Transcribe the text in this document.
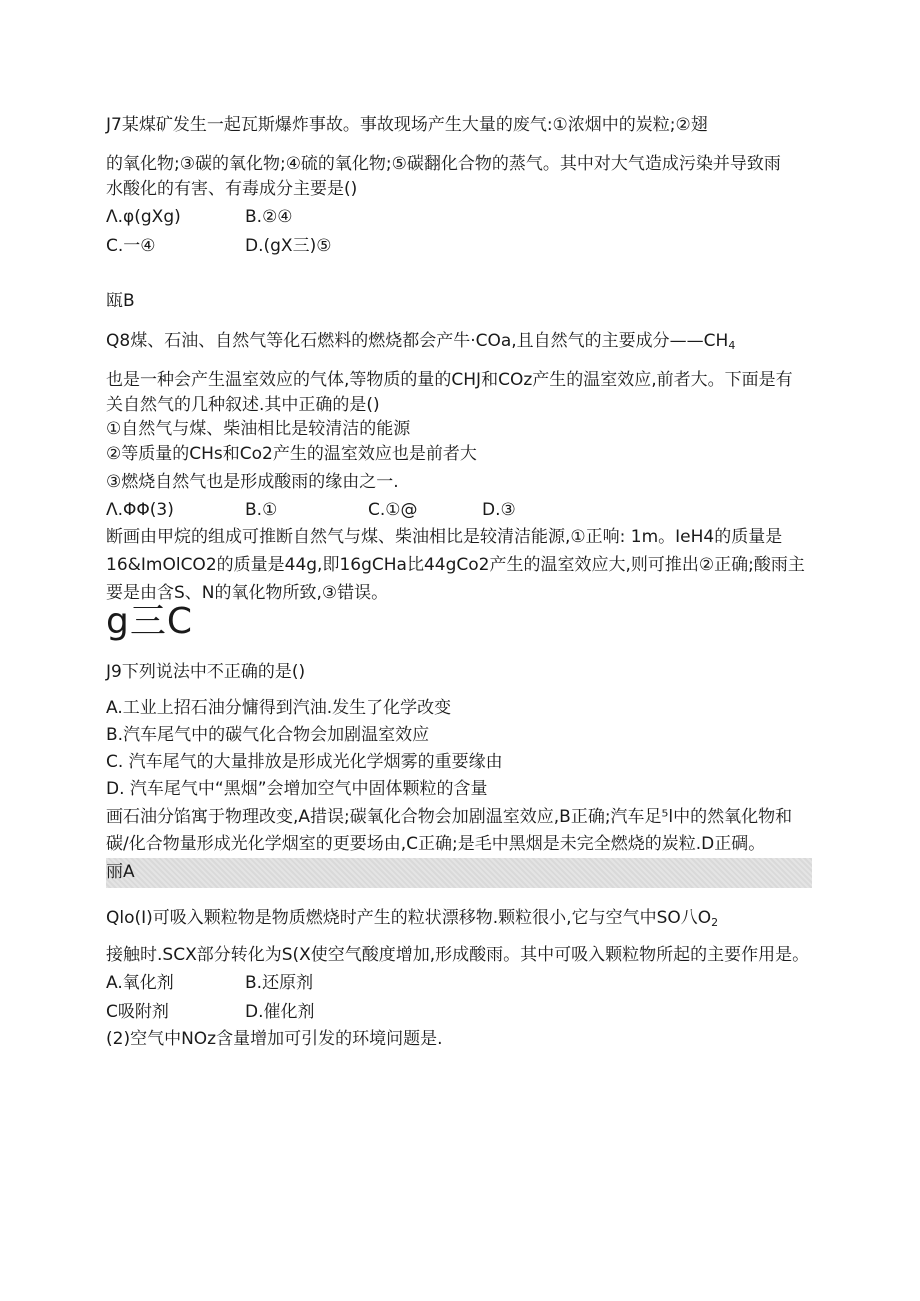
J7某煤矿发生一起瓦斯爆炸事故。事故现场产生大量的废气:①浓烟中的炭粒;②翅
的氧化物;③碳的氧化物;④硫的氧化物;⑤碳翻化合物的蒸气。其中对大气造成污染并导致雨
水酸化的有害、有毒成分主要是()
Λ.φ(gXg)	B.②④
C.一④	D.(gX三)⑤
瓯B
Q8煤、石油、自然气等化石燃料的燃烧都会产牛·COa,且自然气的主要成分$——CH_4$
也是一种会产生温室效应的气体,等物质的量的CHJ和COz产生的温室效应,前者大。下面是有
关自然气的几种叙述.其中正确的是()
①自然气与煤、柴油相比是较清洁的能源
②等质量的CHs和Co2产生的温室效应也是前者大
③燃烧自然气也是形成酸雨的缘由之一.
Λ.ΦΦ(3)	B.①	C.①@	D.③
断画由甲烷的组成可推断自然气与煤、柴油相比是较清洁能源,①正响: 1m。IeH4的质量是
16&ImOlCO2的质量是44g,即16gCHa比44gCo2产生的温室效应大,则可推出②正确;酸雨主
要是由含S、N的氧化物所致,③错误。
g三C
J9下列说法中不正确的是()
A.工业上招石油分慵得到汽油.发生了化学改变
B.汽车尾气中的碳气化合物会加剧温室效应
C. 汽车尾气的大量排放是形成光化学烟雾的重要缘由
D. 汽车尾气中“黑烟”会增加空气中固体颗粒的含量
画石油分馅寓于物理改变,A措误;碳氧化合物会加剧温室效应,B正确;汽车足⁵l中的然氧化物和
碳/化合物量形成光化学烟室的更要场由,C正确;是毛中黑烟是未完全燃烧的炭粒.D正碉。
丽A
Qlo(I)可吸入颗粒物是物质燃烧时产生的粒状漂移物.颗粒很小,它与空气中SO八$O_2$
接触时.SCX部分转化为S(X使空气酸度增加,形成酸雨。其中可吸入颗粒物所起的主要作用是。
A.氧化剂	B.还原剂
C吸附剂	D.催化剂
(2)空气中NOz含量增加可引发的环境问题是.
